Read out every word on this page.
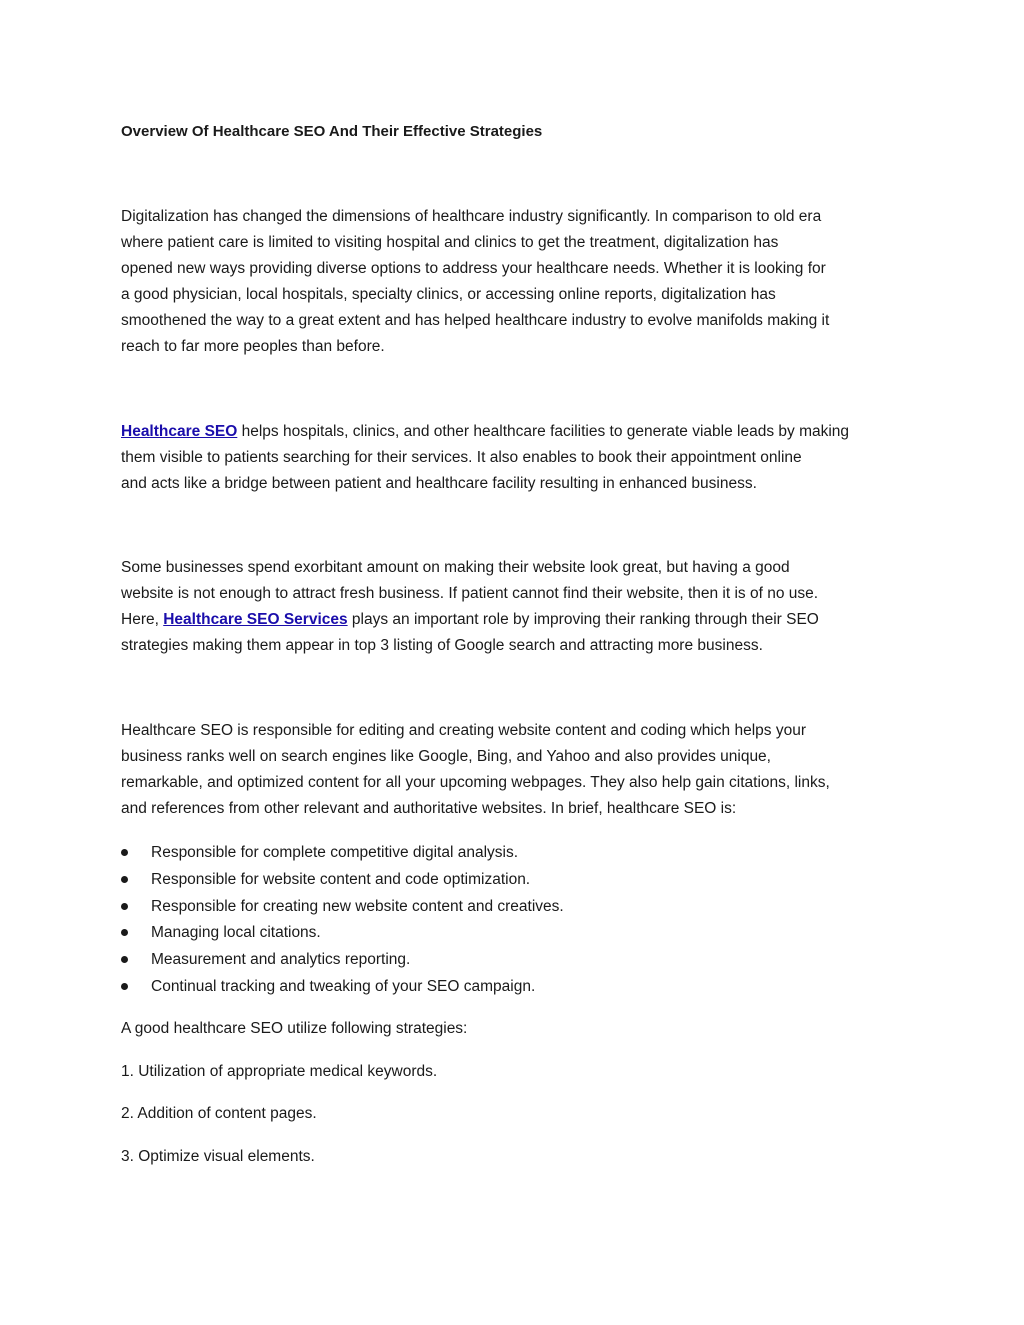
Overview Of Healthcare SEO And Their Effective Strategies

Digitalization has changed the dimensions of healthcare industry significantly. In comparison to old era
where patient care is limited to visiting hospital and clinics to get the treatment, digitalization has
opened new ways providing diverse options to address your healthcare needs. Whether it is looking for
a good physician, local hospitals, specialty clinics, or accessing online reports, digitalization has
smoothened the way to a great extent and has helped healthcare industry to evolve manifolds making it
reach to far more peoples than before.

Healthcare SEO helps hospitals, clinics, and other healthcare facilities to generate viable leads by making
them visible to patients searching for their services. It also enables to book their appointment online
and acts like a bridge between patient and healthcare facility resulting in enhanced business.

Some businesses spend exorbitant amount on making their website look great, but having a good
website is not enough to attract fresh business. If patient cannot find their website, then it is of no use.
Here, Healthcare SEO Services plays an important role by improving their ranking through their SEO
strategies making them appear in top 3 listing of Google search and attracting more business.

Healthcare SEO is responsible for editing and creating website content and coding which helps your
business ranks well on search engines like Google, Bing, and Yahoo and also provides unique,
remarkable, and optimized content for all your upcoming webpages. They also help gain citations, links,
and references from other relevant and authoritative websites. In brief, healthcare SEO is:

Responsible for complete competitive digital analysis.
Responsible for website content and code optimization.
Responsible for creating new website content and creatives.
Managing local citations.
Measurement and analytics reporting.
Continual tracking and tweaking of your SEO campaign.

A good healthcare SEO utilize following strategies:

1. Utilization of appropriate medical keywords.

2. Addition of content pages.

3. Optimize visual elements.
